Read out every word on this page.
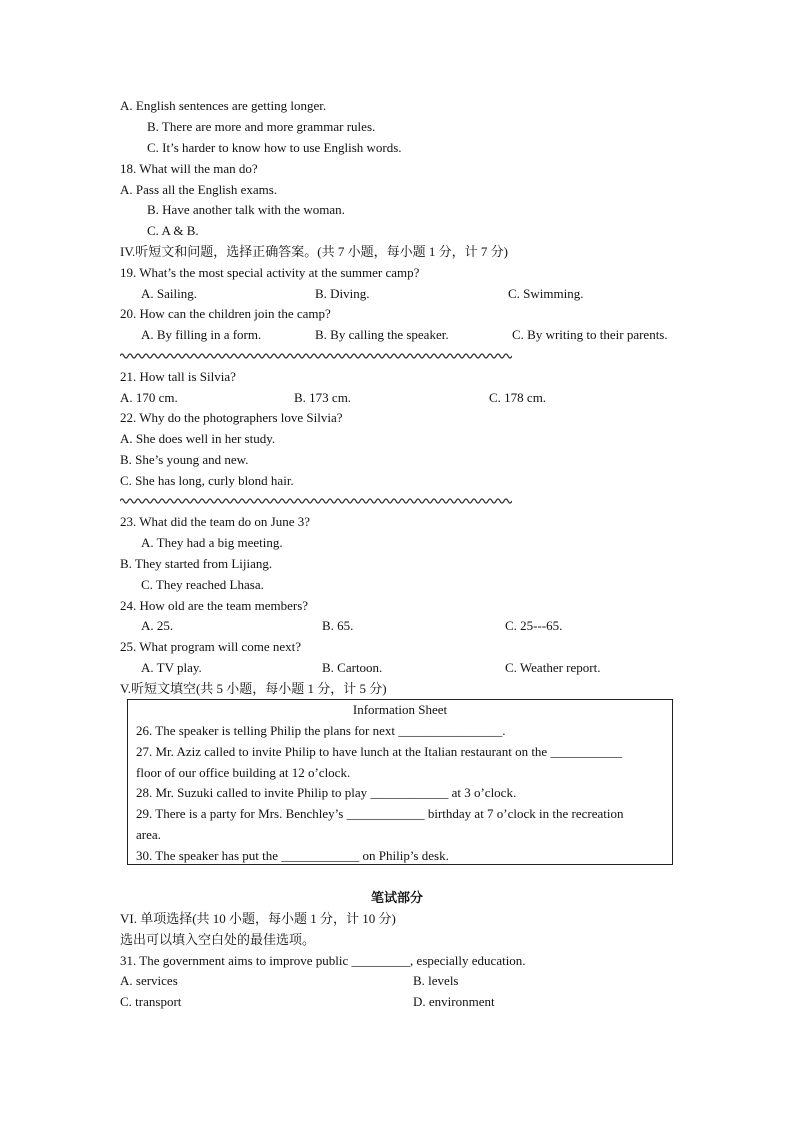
A. English sentences are getting longer.
B. There are more and more grammar rules.
C. It’s harder to know how to use English words.
18. What will the man do?
A. Pass all the English exams.
B. Have another talk with the woman.
C. A & B.
IV.听短文和问题，选择正确答案。(共 7 小题，每小题 1 分，计 7 分)
19. What’s the most special activity at the summer camp?
A. Sailing.	B. Diving.	C. Swimming.
20. How can the children join the camp?
A. By filling in a form.	B. By calling the speaker.	C. By writing to their parents.
21. How tall is Silvia?
A. 170 cm.	B. 173 cm.	C. 178 cm.
22. Why do the photographers love Silvia?
A. She does well in her study.
B. She’s young and new.
C. She has long, curly blond hair.
23. What did the team do on June 3?
A. They had a big meeting.
B. They started from Lijiang.
C. They reached Lhasa.
24. How old are the team members?
A. 25.	B. 65.	C. 25---65.
25. What program will come next?
A. TV play.	B. Cartoon.	C. Weather report.
V.听短文填空(共 5 小题，每小题 1 分，计 5 分)
Information Sheet
26. The speaker is telling Philip the plans for next ________________.
27. Mr. Aziz called to invite Philip to have lunch at the Italian restaurant on the ___________
floor of our office building at 12 o’clock.
28. Mr. Suzuki called to invite Philip to play ____________ at 3 o’clock.
29. There is a party for Mrs. Benchley’s ____________ birthday at 7 o’clock in the recreation
area.
30. The speaker has put the ____________ on Philip’s desk.
笔试部分
VI. 单项选择(共 10 小题，每小题 1 分，计 10 分)
选出可以填入空白处的最佳选项。
31. The government aims to improve public _________, especially education.
A. services	B. levels
C. transport	D. environment
